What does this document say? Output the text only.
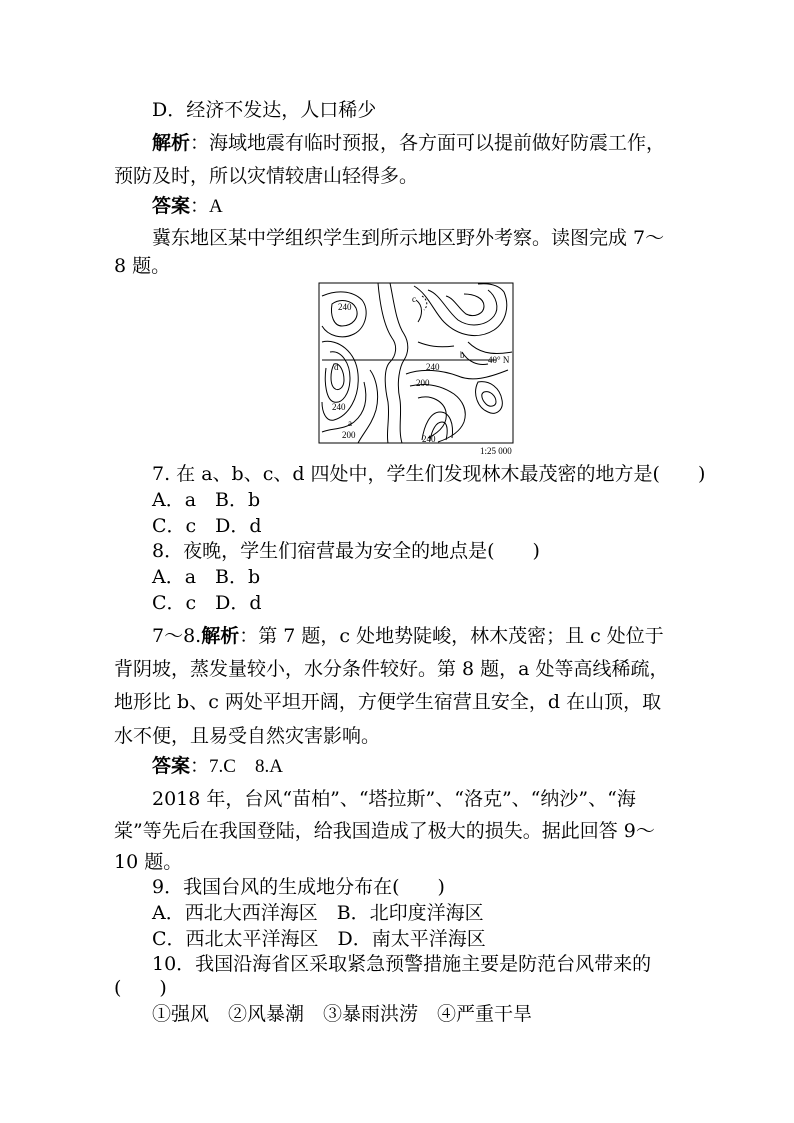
D．经济不发达，人口稀少
解析：海域地震有临时预报，各方面可以提前做好防震工作，
预防及时，所以灾情较唐山轻得多。
答案：A
冀东地区某中学组织学生到所示地区野外考察。读图完成 7～
8 题。
240
240
200
240
200	240
a
b
c
d
40° N
1:25 000
7. 在 a、b、c、d 四处中，学生们发现林木最茂密的地方是(　　)
A．a　B．b
C．c　D．d
8．夜晚，学生们宿营最为安全的地点是(　　)
A．a　B．b
C．c　D．d
7～8.解析：第 7 题，c 处地势陡峻，林木茂密；且 c 处位于
背阴坡，蒸发量较小，水分条件较好。第 8 题，a 处等高线稀疏，
地形比 b、c 两处平坦开阔，方便学生宿营且安全，d 在山顶，取
水不便，且易受自然灾害影响。
答案：7.C　8.A
2018 年，台风“苗柏”、“塔拉斯”、“洛克”、“纳沙”、“海
棠”等先后在我国登陆，给我国造成了极大的损失。据此回答 9～
10 题。
9．我国台风的生成地分布在(　　)
A．西北大西洋海区　B．北印度洋海区
C．西北太平洋海区　D．南太平洋海区
10．我国沿海省区采取紧急预警措施主要是防范台风带来的
(　　)
①强风　②风暴潮　③暴雨洪涝　④严重干旱
